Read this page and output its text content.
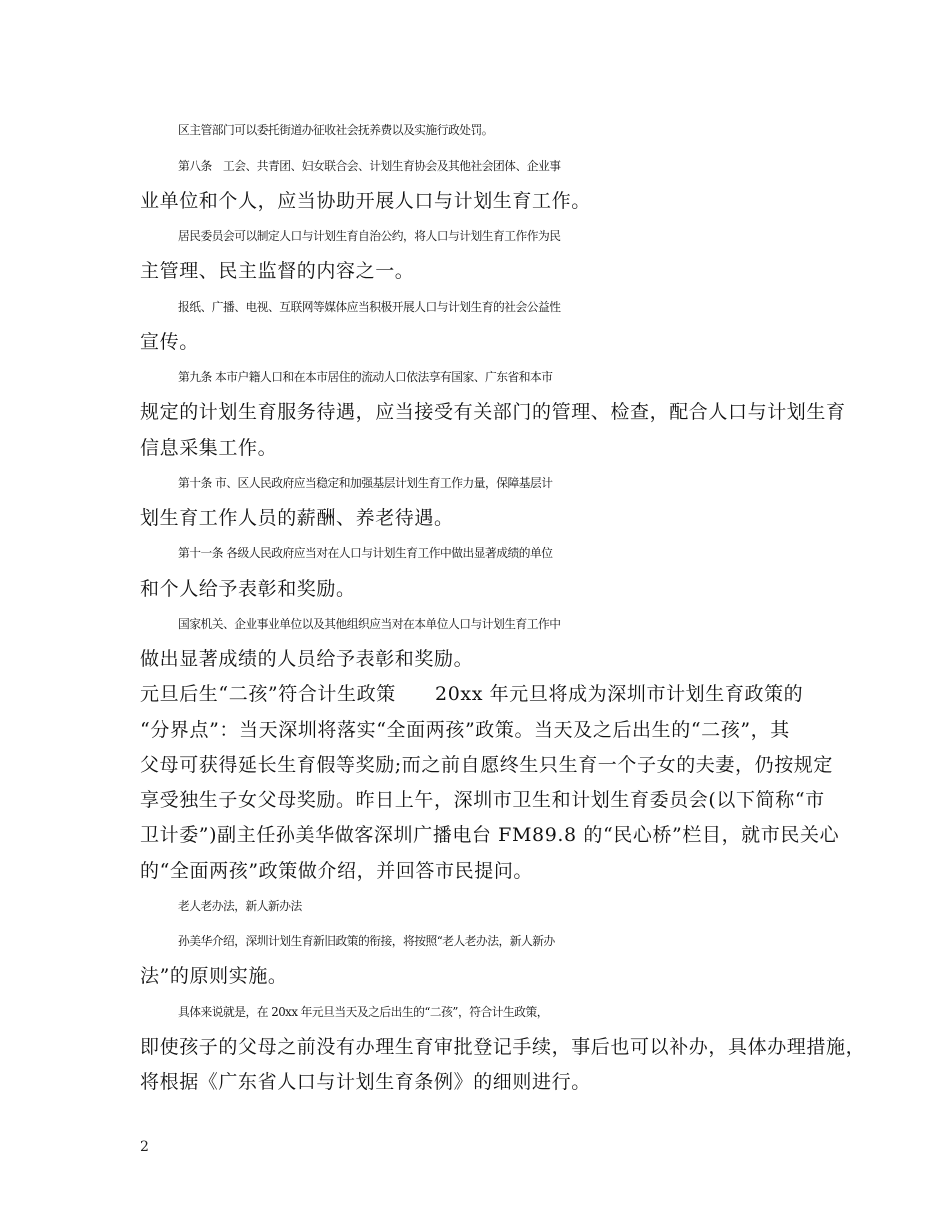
区主管部门可以委托街道办征收社会抚养费以及实施行政处罚。
第八条　工会、共青团、妇女联合会、计划生育协会及其他社会团体、企业事
业单位和个人，应当协助开展人口与计划生育工作。
居民委员会可以制定人口与计划生育自治公约，将人口与计划生育工作作为民
主管理、民主监督的内容之一。
报纸、广播、电视、互联网等媒体应当积极开展人口与计划生育的社会公益性
宣传。
第九条 本市户籍人口和在本市居住的流动人口依法享有国家、广东省和本市
规定的计划生育服务待遇，应当接受有关部门的管理、检查，配合人口与计划生育
信息采集工作。
第十条 市、区人民政府应当稳定和加强基层计划生育工作力量，保障基层计
划生育工作人员的薪酬、养老待遇。
第十一条 各级人民政府应当对在人口与计划生育工作中做出显著成绩的单位
和个人给予表彰和奖励。
国家机关、企业事业单位以及其他组织应当对在本单位人口与计划生育工作中
做出显著成绩的人员给予表彰和奖励。
元旦后生“二孩”符合计生政策　　20xx 年元旦将成为深圳市计划生育政策的
“分界点”：当天深圳将落实“全面两孩”政策。当天及之后出生的“二孩”，其
父母可获得延长生育假等奖励;而之前自愿终生只生育一个子女的夫妻，仍按规定
享受独生子女父母奖励。昨日上午，深圳市卫生和计划生育委员会(以下简称“市
卫计委”)副主任孙美华做客深圳广播电台 FM89.8 的“民心桥”栏目，就市民关心
的“全面两孩”政策做介绍，并回答市民提问。
老人老办法，新人新办法
孙美华介绍，深圳计划生育新旧政策的衔接，将按照“老人老办法，新人新办
法”的原则实施。
具体来说就是，在 20xx 年元旦当天及之后出生的“二孩”，符合计生政策，
即使孩子的父母之前没有办理生育审批登记手续，事后也可以补办，具体办理措施，
将根据《广东省人口与计划生育条例》的细则进行。
2
